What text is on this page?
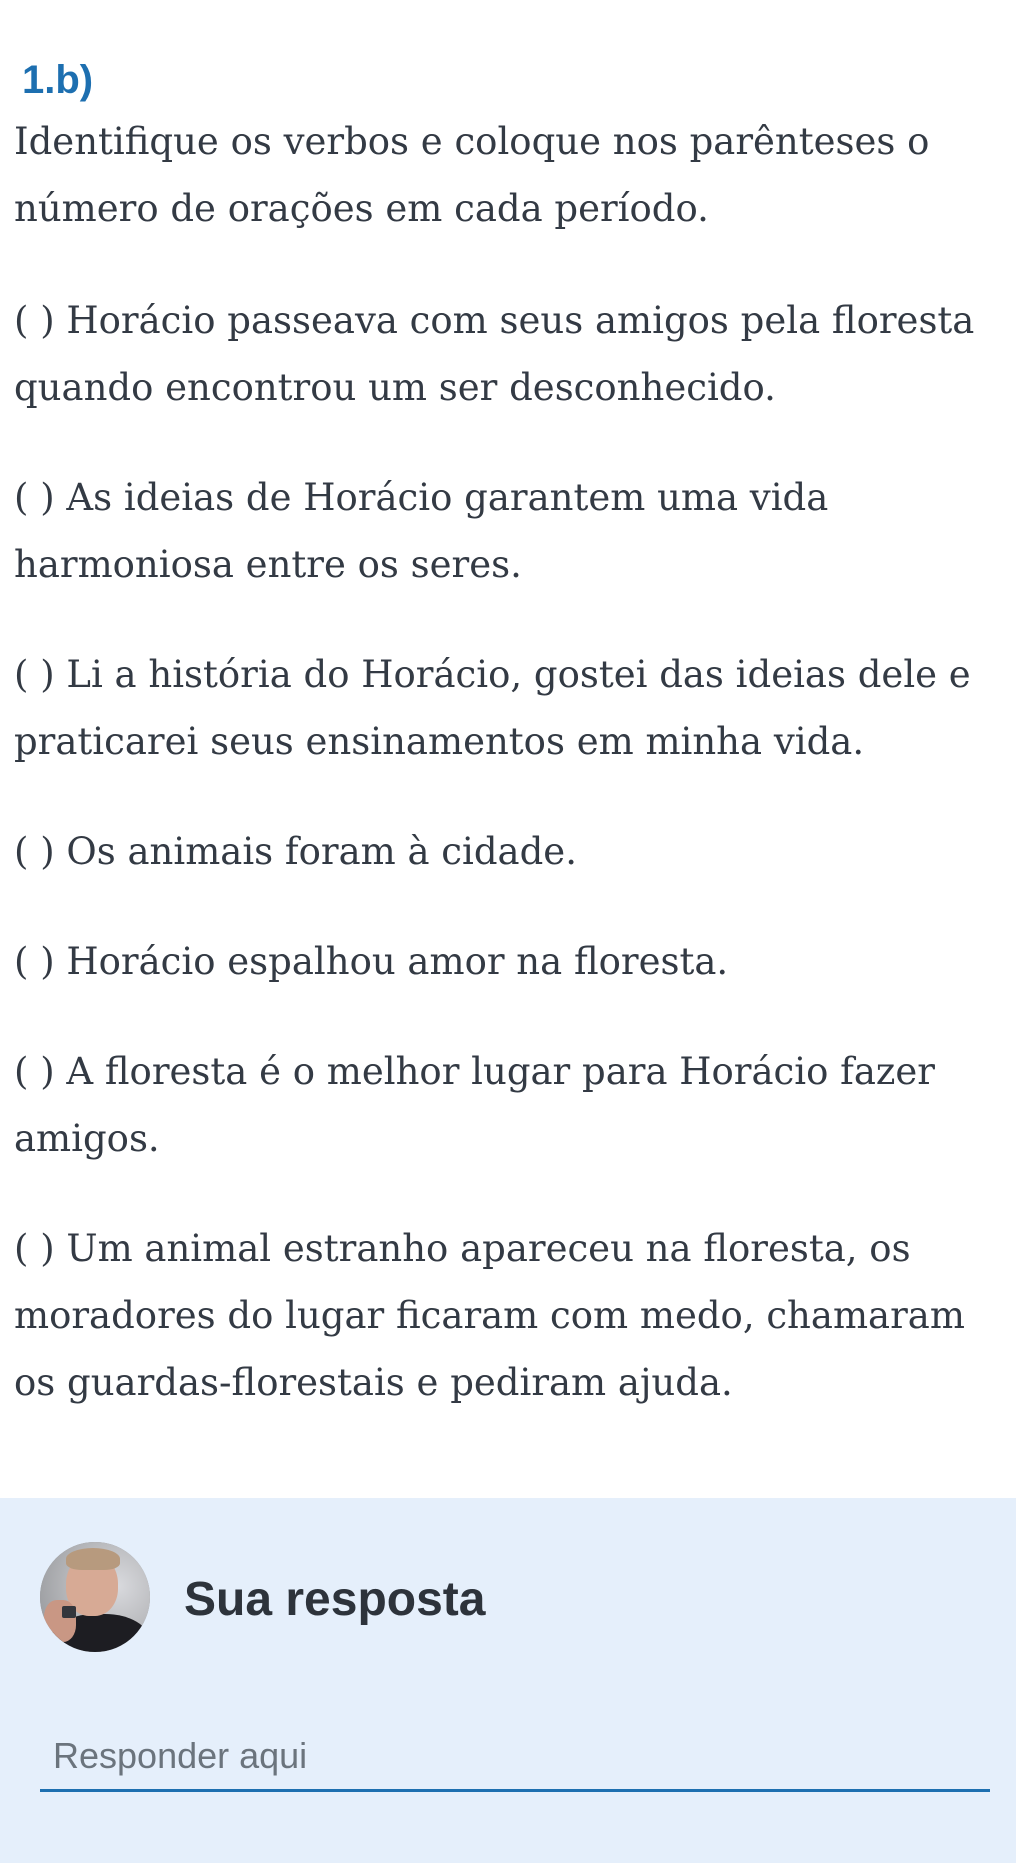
1.b)

Identifique os verbos e coloque nos parênteses o

número de orações em cada período.

( ) Horácio passeava com seus amigos pela floresta

quando encontrou um ser desconhecido.

( ) As ideias de Horácio garantem uma vida

harmoniosa entre os seres.

( ) Li a história do Horácio, gostei das ideias dele e

praticarei seus ensinamentos em minha vida.

( ) Os animais foram à cidade.

( ) Horácio espalhou amor na floresta.

( ) A floresta é o melhor lugar para Horácio fazer

amigos.

( ) Um animal estranho apareceu na floresta, os

moradores do lugar ficaram com medo, chamaram

os guardas-florestais e pediram ajuda.

Sua resposta
Responder aqui
